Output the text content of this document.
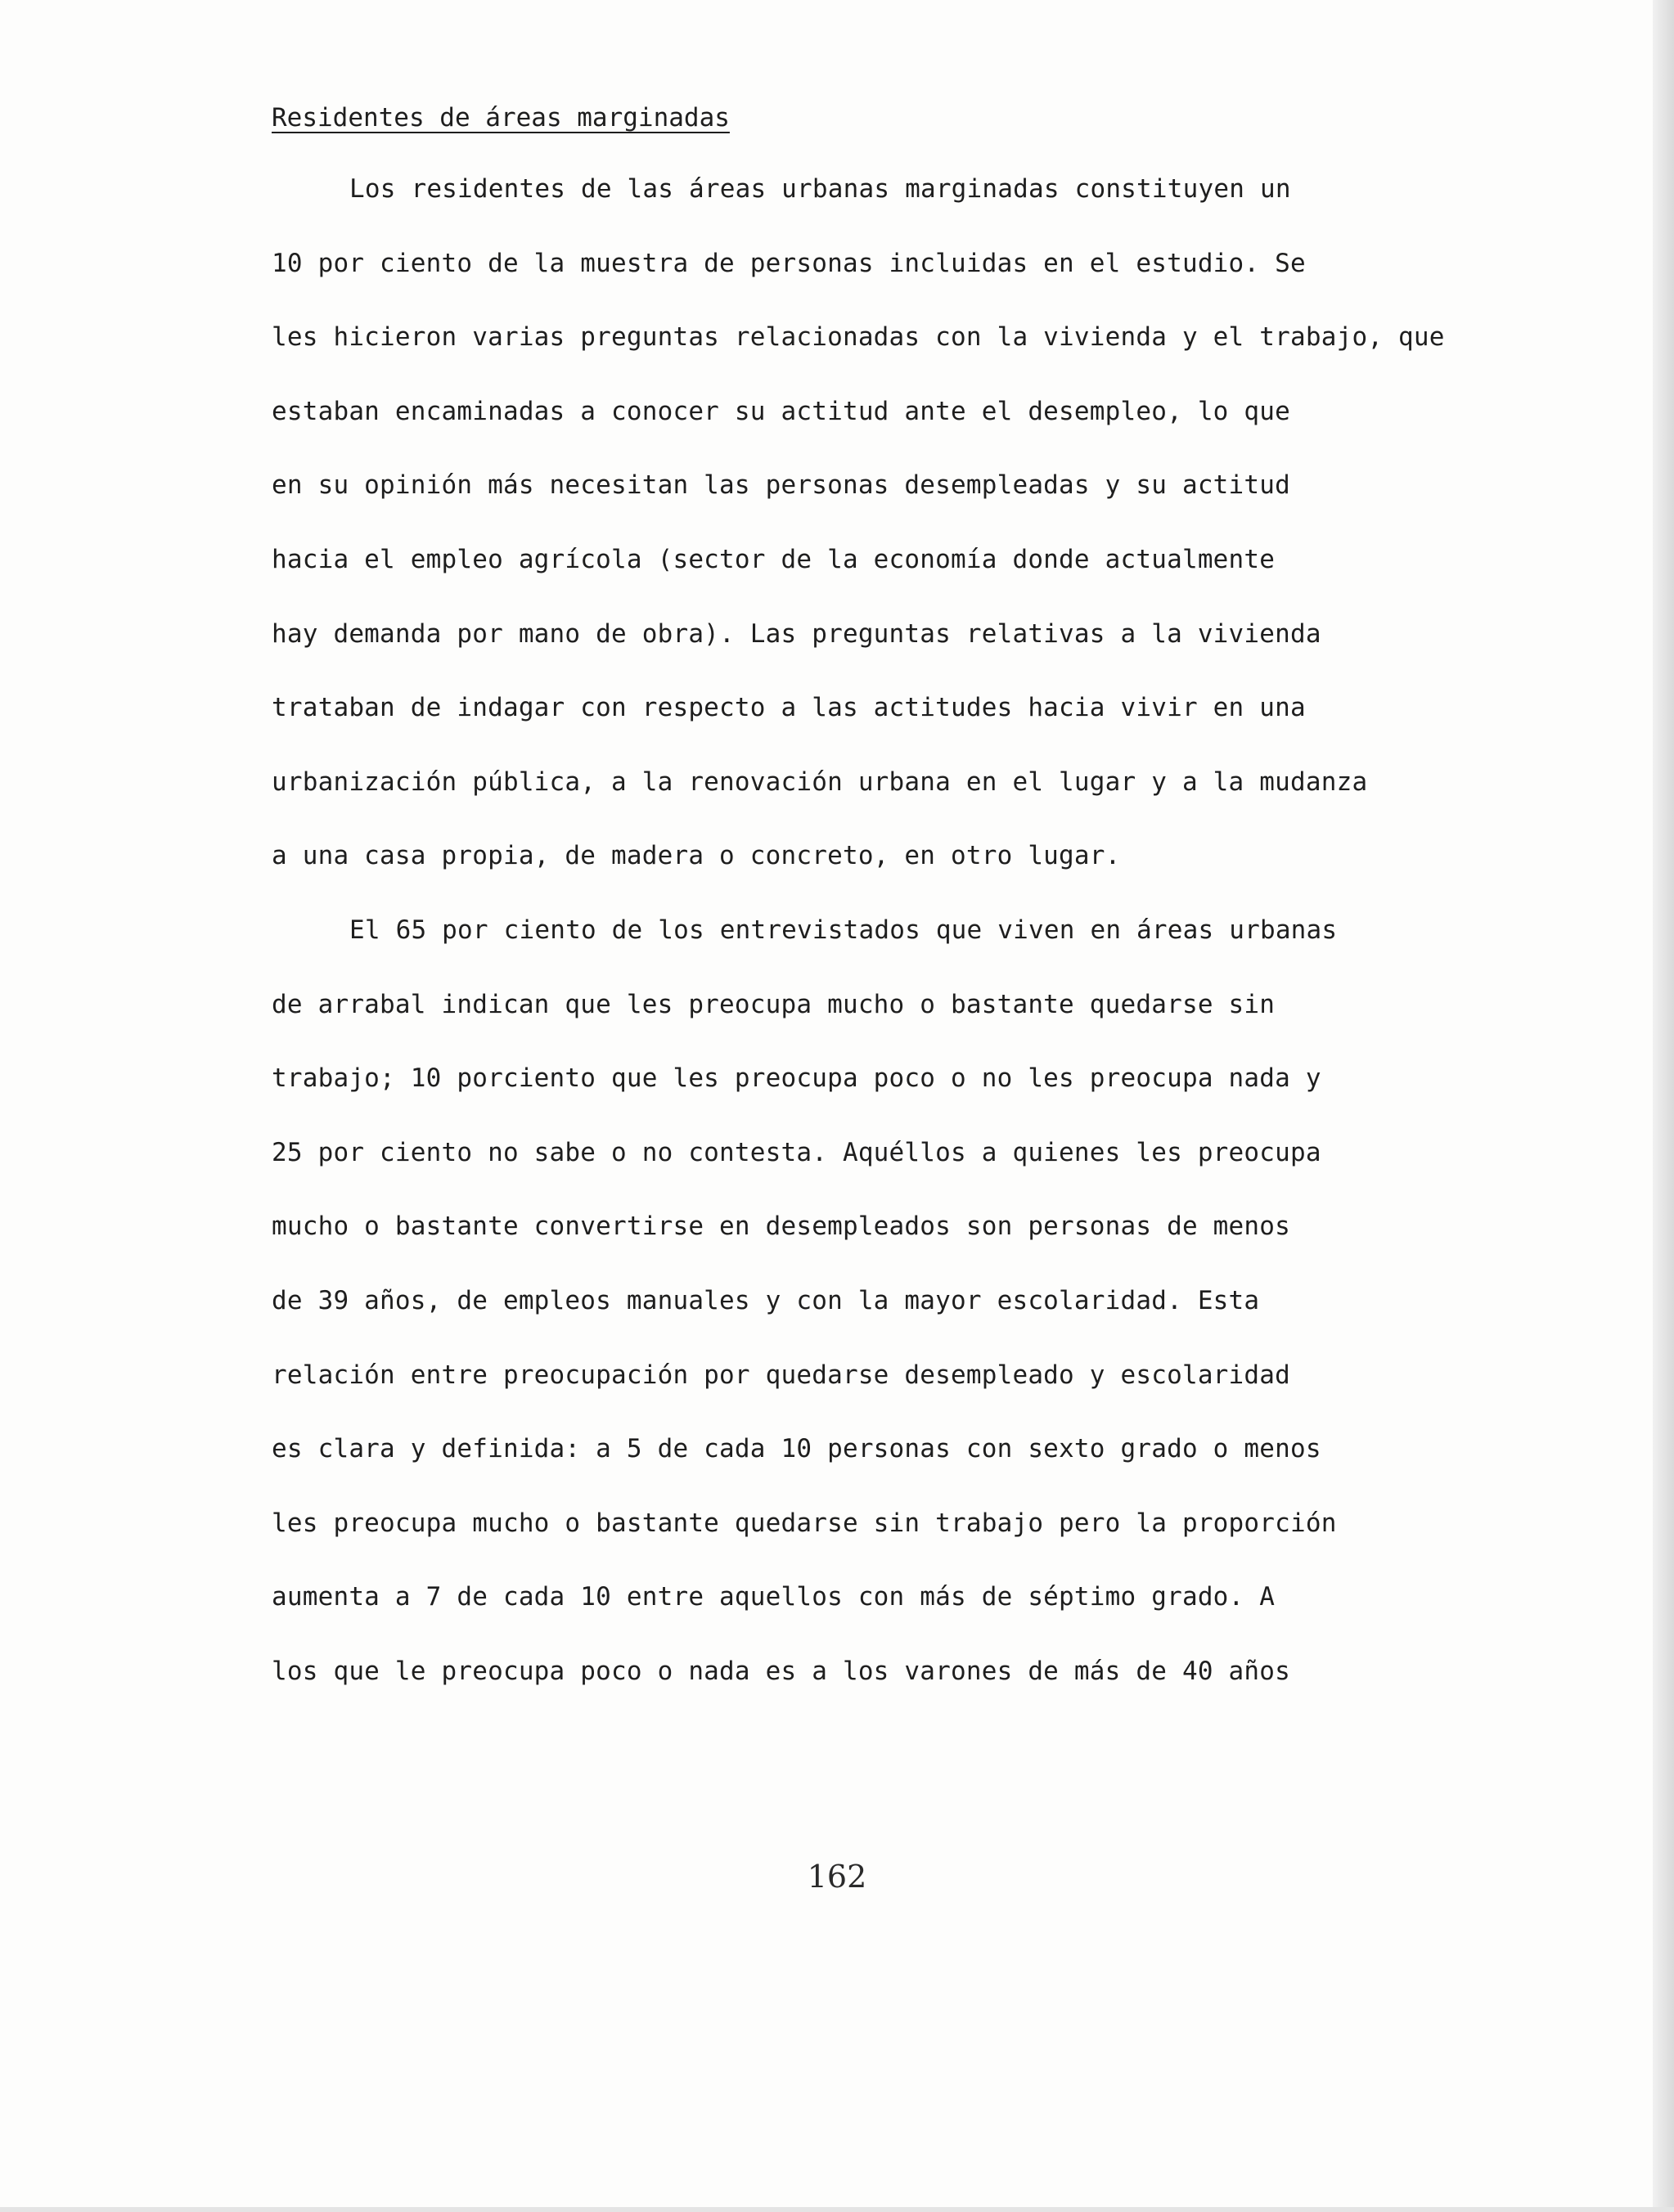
Residentes de áreas marginadas
Los residentes de las áreas urbanas marginadas constituyen un
10 por ciento de la muestra de personas incluidas en el estudio. Se
les hicieron varias preguntas relacionadas con la vivienda y el trabajo, que
estaban encaminadas a conocer su actitud ante el desempleo, lo que
en su opinión más necesitan las personas desempleadas y su actitud
hacia el empleo agrícola (sector de la economía donde actualmente
hay demanda por mano de obra). Las preguntas relativas a la vivienda
trataban de indagar con respecto a las actitudes hacia vivir en una
urbanización pública, a la renovación urbana en el lugar y a la mudanza
a una casa propia, de madera o concreto, en otro lugar.
El 65 por ciento de los entrevistados que viven en áreas urbanas
de arrabal indican que les preocupa mucho o bastante quedarse sin
trabajo; 10 porciento que les preocupa poco o no les preocupa nada y
25 por ciento no sabe o no contesta. Aquéllos a quienes les preocupa
mucho o bastante convertirse en desempleados son personas de menos
de 39 años, de empleos manuales y con la mayor escolaridad. Esta
relación entre preocupación por quedarse desempleado y escolaridad
es clara y definida: a 5 de cada 10 personas con sexto grado o menos
les preocupa mucho o bastante quedarse sin trabajo pero la proporción
aumenta a 7 de cada 10 entre aquellos con más de séptimo grado. A
los que le preocupa poco o nada es a los varones de más de 40 años
162
